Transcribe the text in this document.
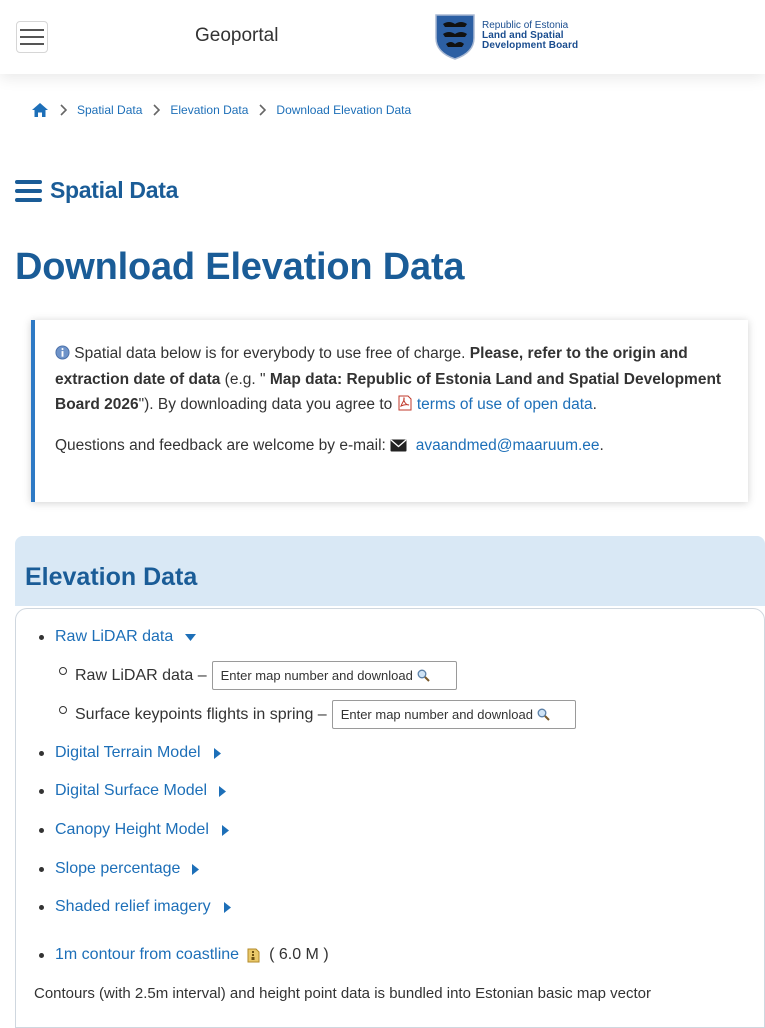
Geoportal	Republic of Estonia
Land and Spatial
Development Board
Spatial Data Elevation Data Download Elevation Data
Spatial Data
Download Elevation Data

Spatial data below is for everybody to use free of charge. Please, refer to the origin and extraction date of data (e.g. " Map data: Republic of Estonia Land and Spatial Development Board 2026"). By downloading data you agree to  terms of use of open data.

Questions and feedback are welcome by e-mail:   avaandmed@maaruum.ee.

Elevation Data
Raw LiDAR data
Raw LiDAR data – Enter map number and download
Surface keypoints flights in spring – Enter map number and download
Digital Terrain Model
Digital Surface Model
Canopy Height Model
Slope percentage
Shaded relief imagery
1m contour from coastline ( 6.0 M )
Contours (with 2.5m interval) and height point data is bundled into Estonian basic map vector
